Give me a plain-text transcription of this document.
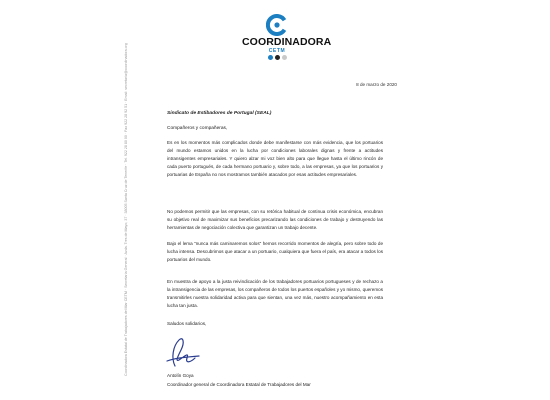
COORDINADORA
CETM
Coordinadora Estatal de Trabajadores del Mar CETM · Secretaría General · Avda. Tres de Mayo, 37 · 38005 Santa Cruz de Tenerife · Tel. 922 28 80 00 · Fax 922 28 92 51 · Email: secretaria@coordinadora.org	8 de marzo de 2020
Sindicato de Estibadores de Portugal (SEAL)
Compañeros y compañeras,

Es en los momentos más complicados donde debe manifestarse con más evidencia, que los portuarios del mundo estamos unidos en la lucha por condiciones laborales dignas y frente a actitudes intransigentes empresariales. Y quiero alzar mi voz bien alto para que llegue hasta el último rincón de cada puerto portugués, de cada hermano portuario y, sobre todo, a las empresas, ya que los portuarios y portuarias de España no nos mostramos también atacados por esas actitudes empresariales.

No podemos permitir que las empresas, con su retórica habitual de continua crisis económica, encubran su objetivo real de maximizar sus beneficios precarizando las condiciones de trabajo y destruyendo las herramientas de negociación colectiva que garantizan un trabajo decente.

Bajo el lema "nunca más caminaremos solos" hemos recorrido momentos de alegría, pero sobre todo de lucha intensa. Descubrimos que atacar a un portuario, cualquiera que fuera el país, era atacar a todos los portuarios del mundo.

En muestra de apoyo a la justa reivindicación de los trabajadores portuarios portugueses y de rechazo a la intransigencia de las empresas, los compañeros de todos los puertos españoles y yo mismo, queremos transmitirles nuestra solidaridad activa para que sientan, una vez más, nuestro acompañamiento en esta lucha tan justa.

Saludos solidarios,
Antolín Goya
Coordinador general de Coordinadora Estatal de Trabajadores del Mar
